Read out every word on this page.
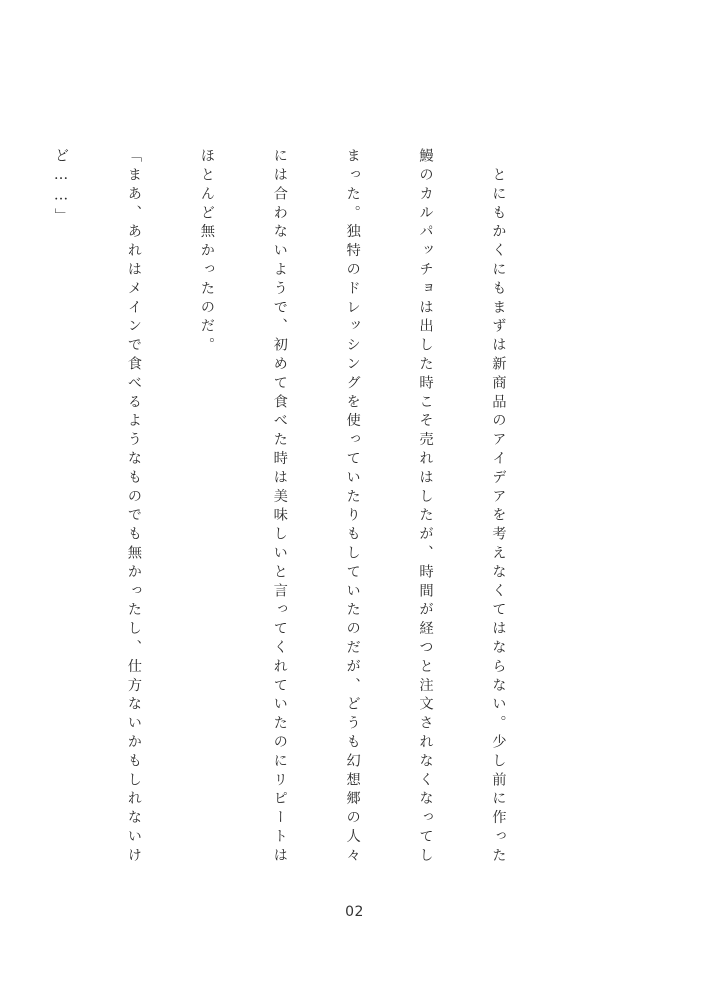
　とにもかくにもまずは新商品のアイデアを考えなくてはならない。少し前に作った

鰻のカルパッチョは出した時こそ売れはしたが、時間が経つと注文されなくなってし

まった。独特のドレッシングを使っていたりもしていたのだが、どうも幻想郷の人々

には合わないようで、初めて食べた時は美味しいと言ってくれていたのにリピートは

ほとんど無かったのだ。

「まあ、あれはメインで食べるようなものでも無かったし、仕方ないかもしれないけ

ど……」

02
